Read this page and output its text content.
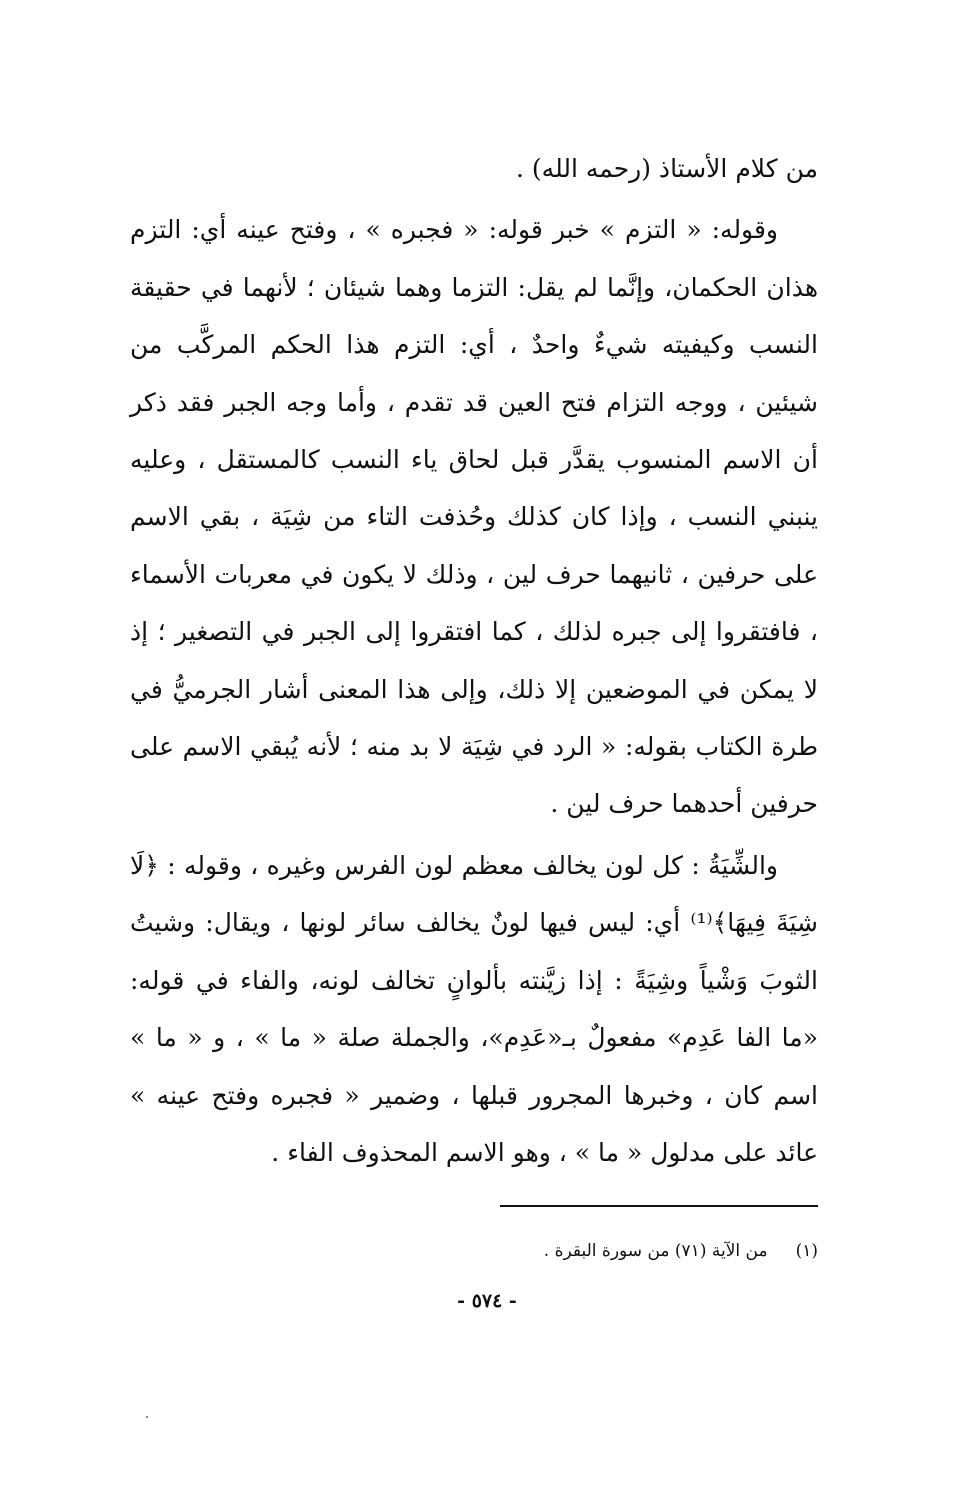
من كلام الأستاذ (رحمه الله) .

وقوله: « التزم » خبر قوله: « فجبره » ، وفتح عينه أي: التزم هذان الحكمان، وإنَّما لم يقل: التزما وهما شيئان ؛ لأنهما في حقيقة النسب وكيفيته شيءٌ واحدٌ ، أي: التزم هذا الحكم المركَّب من شيئين ، ووجه التزام فتح العين قد تقدم ، وأما وجه الجبر فقد ذكر أن الاسم المنسوب يقدَّر قبل لحاق ياء النسب كالمستقل ، وعليه ينبني النسب ، وإذا كان كذلك وحُذفت التاء من شِيَة ، بقي الاسم على حرفين ، ثانيهما حرف لين ، وذلك لا يكون في معربات الأسماء ، فافتقروا إلى جبره لذلك ، كما افتقروا إلى الجبر في التصغير ؛ إذ لا يمكن في الموضعين إلا ذلك، وإلى هذا المعنى أشار الجرميُّ في طرة الكتاب بقوله: « الرد في شِيَة لا بد منه ؛ لأنه يُبقي الاسم على حرفين أحدهما حرف لين .

والشِّيَةُ : كل لون يخالف معظم لون الفرس وغيره ، وقوله : ﴿لَا شِيَةَ فِيهَا﴾⁽¹⁾ أي: ليس فيها لونٌ يخالف سائر لونها ، ويقال: وشيتُ الثوبَ وَشْياً وشِيَةً : إذا زيَّنته بألوانٍ تخالف لونه، والفاء في قوله: «ما الفا عَدِم» مفعولٌ بـ«عَدِم»، والجملة صلة « ما » ، و « ما » اسم كان ، وخبرها المجرور قبلها ، وضمير « فجبره وفتح عينه » عائد على مدلول « ما » ، وهو الاسم المحذوف الفاء .

(١)من الآية (٧١) من سورة البقرة .
- ٥٧٤ -
